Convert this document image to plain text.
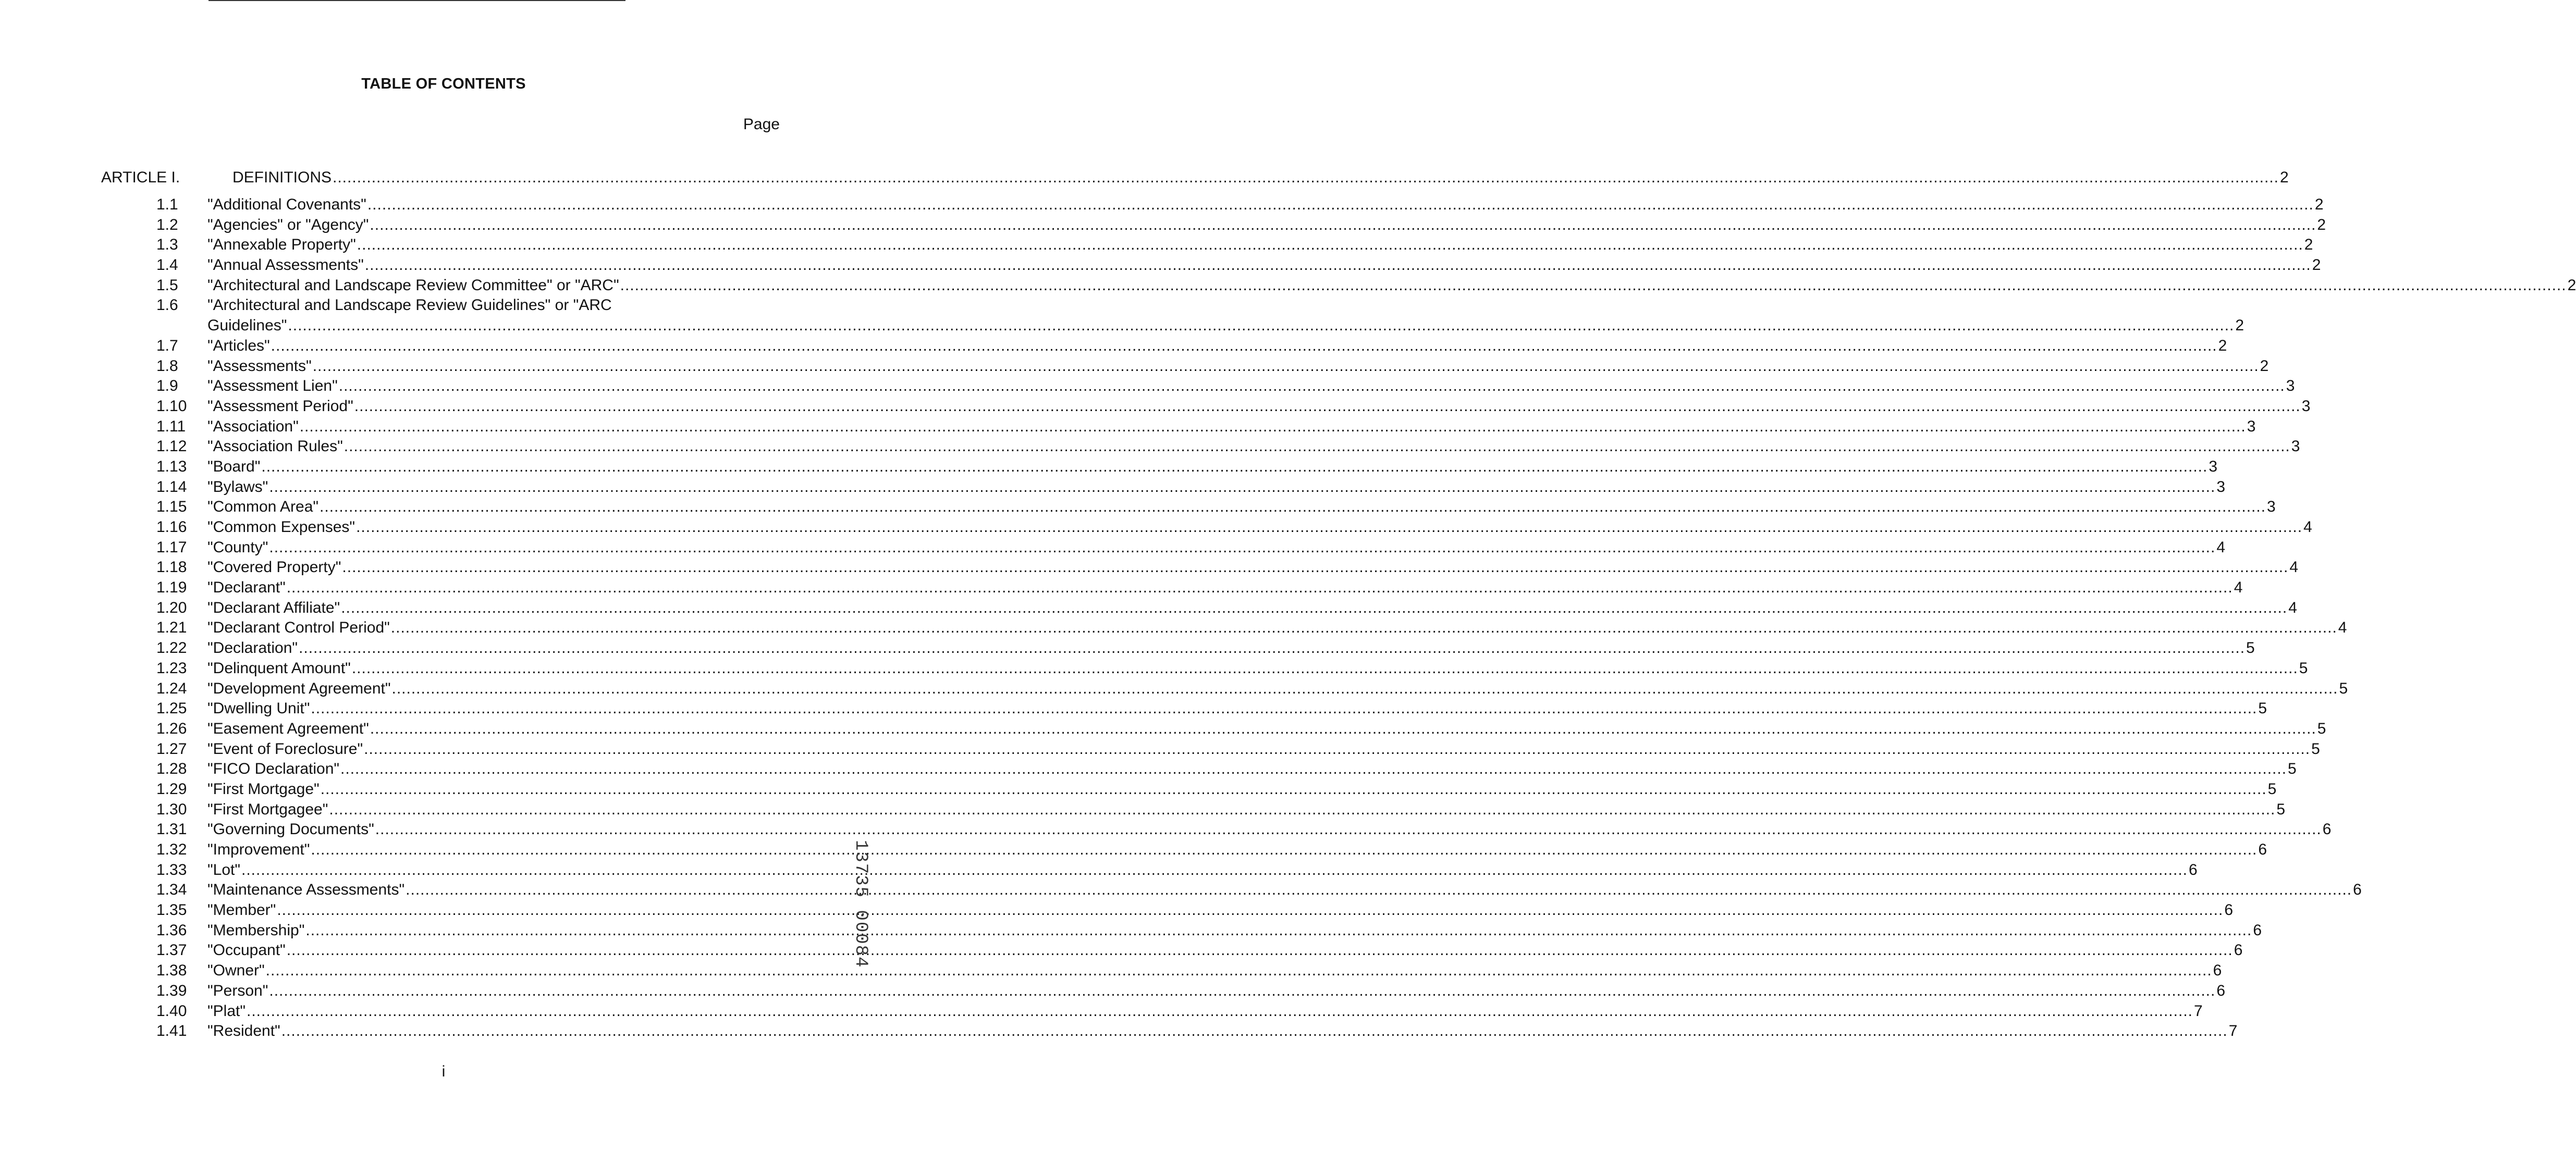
TABLE OF CONTENTS
Page
ARTICLE I.	DEFINITIONS ................................................................................................................................................................................................................................................................................................................................................................................................................ 2
1.1	"Additional Covenants" ................................................................................................................................................................................................................................................................................................................................................................................................................ 2
1.2	"Agencies" or "Agency" ................................................................................................................................................................................................................................................................................................................................................................................................................ 2
1.3	"Annexable Property" ................................................................................................................................................................................................................................................................................................................................................................................................................ 2
1.4	"Annual Assessments" ................................................................................................................................................................................................................................................................................................................................................................................................................ 2
1.5	"Architectural and Landscape Review Committee" or "ARC" ................................................................................................................................................................................................................................................................................................................................................................................................................ 2
1.6	"Architectural and Landscape Review Guidelines" or "ARC
Guidelines" ................................................................................................................................................................................................................................................................................................................................................................................................................ 2
1.7	"Articles" ................................................................................................................................................................................................................................................................................................................................................................................................................ 2
1.8	"Assessments" ................................................................................................................................................................................................................................................................................................................................................................................................................ 2
1.9	"Assessment Lien" ................................................................................................................................................................................................................................................................................................................................................................................................................ 3
1.10	"Assessment Period" ................................................................................................................................................................................................................................................................................................................................................................................................................ 3
1.11	"Association" ................................................................................................................................................................................................................................................................................................................................................................................................................ 3
1.12	"Association Rules" ................................................................................................................................................................................................................................................................................................................................................................................................................ 3
1.13	"Board" ................................................................................................................................................................................................................................................................................................................................................................................................................ 3
1.14	"Bylaws" ................................................................................................................................................................................................................................................................................................................................................................................................................ 3
1.15	"Common Area" ................................................................................................................................................................................................................................................................................................................................................................................................................ 3
1.16	"Common Expenses" ................................................................................................................................................................................................................................................................................................................................................................................................................ 4
1.17	"County" ................................................................................................................................................................................................................................................................................................................................................................................................................ 4
1.18	"Covered Property" ................................................................................................................................................................................................................................................................................................................................................................................................................ 4
1.19	"Declarant" ................................................................................................................................................................................................................................................................................................................................................................................................................ 4
1.20	"Declarant Affiliate" ................................................................................................................................................................................................................................................................................................................................................................................................................ 4
1.21	"Declarant Control Period" ................................................................................................................................................................................................................................................................................................................................................................................................................ 4
1.22	"Declaration" ................................................................................................................................................................................................................................................................................................................................................................................................................ 5
1.23	"Delinquent Amount" ................................................................................................................................................................................................................................................................................................................................................................................................................ 5
1.24	"Development Agreement" ................................................................................................................................................................................................................................................................................................................................................................................................................ 5
1.25	"Dwelling Unit" ................................................................................................................................................................................................................................................................................................................................................................................................................ 5
1.26	"Easement Agreement" ................................................................................................................................................................................................................................................................................................................................................................................................................ 5
1.27	"Event of Foreclosure" ................................................................................................................................................................................................................................................................................................................................................................................................................ 5
1.28	"FICO Declaration" ................................................................................................................................................................................................................................................................................................................................................................................................................ 5
1.29	"First Mortgage" ................................................................................................................................................................................................................................................................................................................................................................................................................ 5
1.30	"First Mortgagee" ................................................................................................................................................................................................................................................................................................................................................................................................................ 5
1.31	"Governing Documents" ................................................................................................................................................................................................................................................................................................................................................................................................................ 6
1.32	"Improvement" ................................................................................................................................................................................................................................................................................................................................................................................................................ 6
1.33	"Lot" ................................................................................................................................................................................................................................................................................................................................................................................................................ 6
1.34	"Maintenance Assessments" ................................................................................................................................................................................................................................................................................................................................................................................................................ 6
1.35	"Member" ................................................................................................................................................................................................................................................................................................................................................................................................................ 6
1.36	"Membership" ................................................................................................................................................................................................................................................................................................................................................................................................................ 6
1.37	"Occupant" ................................................................................................................................................................................................................................................................................................................................................................................................................ 6
1.38	"Owner" ................................................................................................................................................................................................................................................................................................................................................................................................................ 6
1.39	"Person" ................................................................................................................................................................................................................................................................................................................................................................................................................ 6
1.40	"Plat" ................................................................................................................................................................................................................................................................................................................................................................................................................ 7
1.41	"Resident" ................................................................................................................................................................................................................................................................................................................................................................................................................ 7
i
13735 00084
